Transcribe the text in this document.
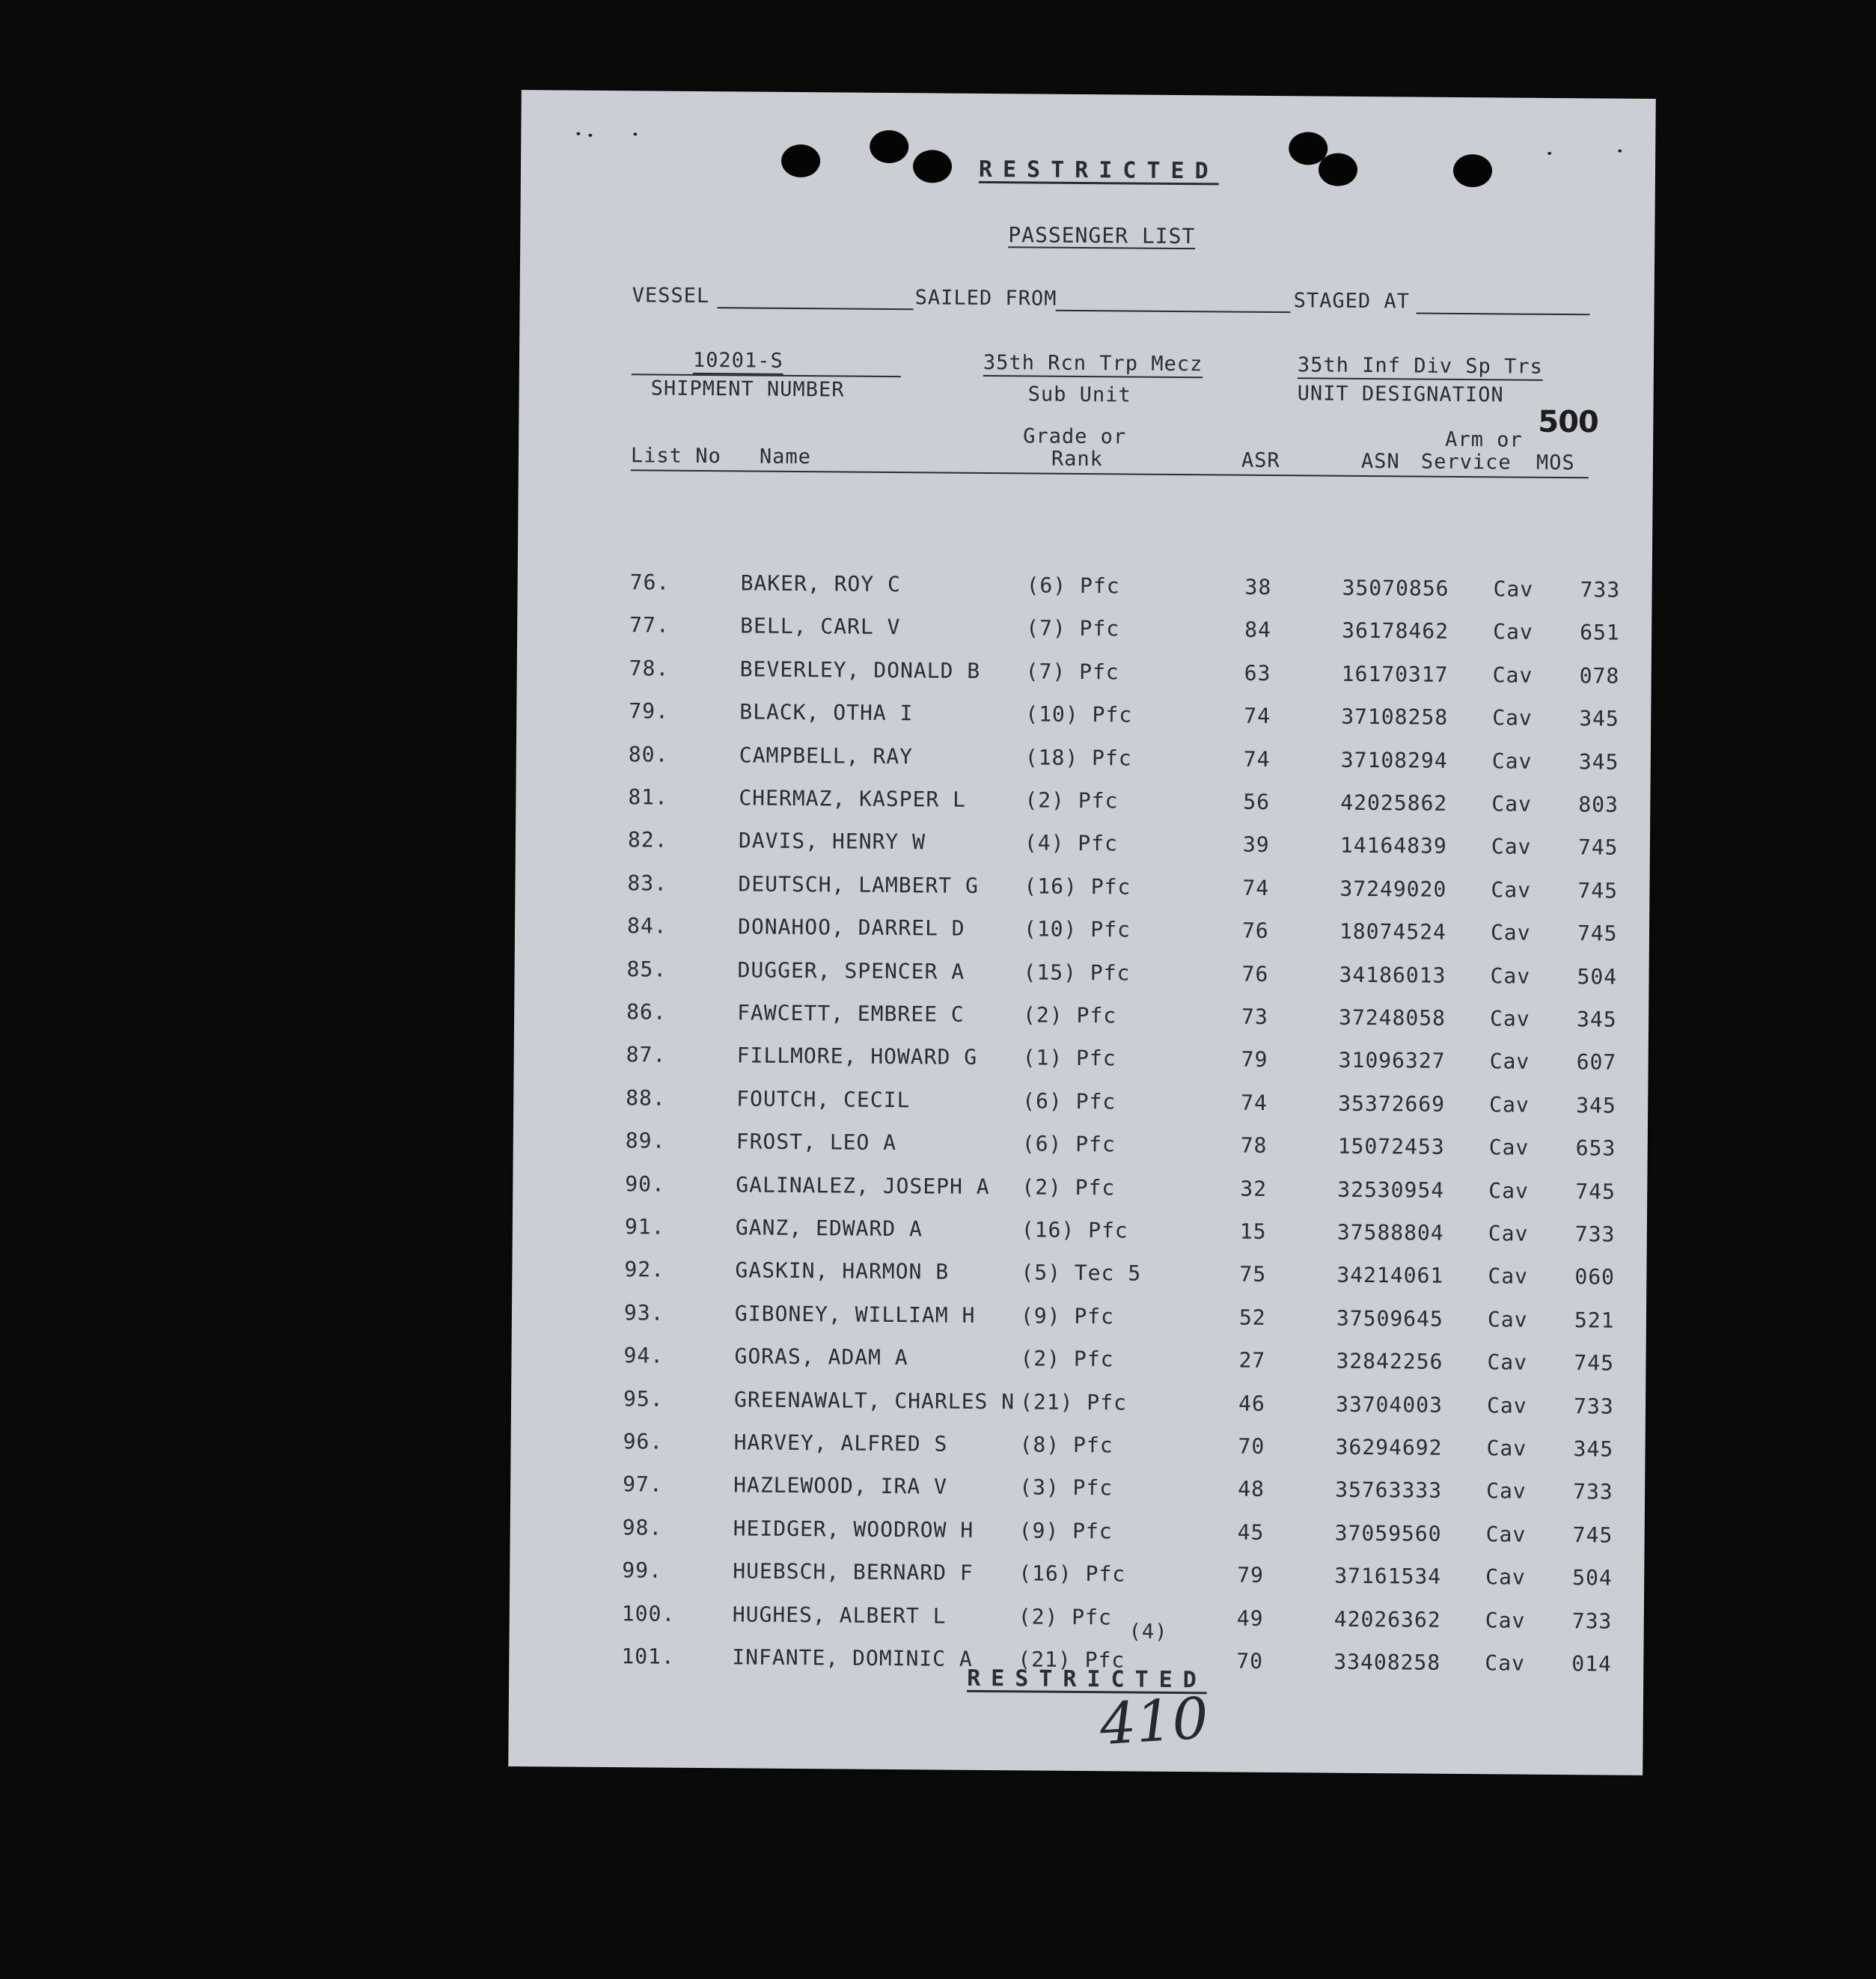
RESTRICTED
PASSENGER LIST
VESSEL	SAILED FROM	STAGED AT
10201-S
SHIPMENT NUMBER
35th Rcn Trp Mecz
Sub Unit
35th Inf Div Sp Trs
UNIT DESIGNATION
500
Grade or	Arm or
List No Name	Rank	ASR	ASN Service MOS
76.	BAKER, ROY C	(6) Pfc	38	35070856 Cav 733
77.	BELL, CARL V	(7) Pfc	84	36178462 Cav 651
78.	BEVERLEY, DONALD B (7) Pfc	63	16170317 Cav 078
79.	BLACK, OTHA I	(10) Pfc	74	37108258 Cav 345
80.	CAMPBELL, RAY	(18) Pfc	74	37108294 Cav 345
81.	CHERMAZ, KASPER L	(2) Pfc	56	42025862 Cav 803
82.	DAVIS, HENRY W	(4) Pfc	39	14164839 Cav 745
83.	DEUTSCH, LAMBERT G (16) Pfc	74	37249020 Cav 745
84.	DONAHOO, DARREL D	(10) Pfc	76	18074524 Cav 745
85.	DUGGER, SPENCER A	(15) Pfc	76	34186013 Cav 504
86.	FAWCETT, EMBREE C	(2) Pfc	73	37248058 Cav 345
87.	FILLMORE, HOWARD G (1) Pfc	79	31096327 Cav 607
88.	FOUTCH, CECIL	(6) Pfc	74	35372669 Cav 345
89.	FROST, LEO A	(6) Pfc	78	15072453 Cav 653
90.	GALINALEZ, JOSEPH A (2) Pfc	32	32530954 Cav 745
91.	GANZ, EDWARD A	(16) Pfc	15	37588804 Cav 733
92.	GASKIN, HARMON B	(5) Tec 5	75	34214061 Cav 060
93.	GIBONEY, WILLIAM H (9) Pfc	52	37509645 Cav 521
94.	GORAS, ADAM A	(2) Pfc	27	32842256 Cav 745
95.	GREENAWALT, CHARLES N (21) Pfc	46	33704003 Cav 733
96.	HARVEY, ALFRED S	(8) Pfc	70	36294692 Cav 345
97.	HAZLEWOOD, IRA V	(3) Pfc	48	35763333 Cav 733
98.	HEIDGER, WOODROW H (9) Pfc	45	37059560 Cav 745
99.	HUEBSCH, BERNARD F (16) Pfc	79	37161534 Cav 504
100.	HUGHES, ALBERT L	(2) Pfc	49	42026362 Cav 733
101.	INFANTE, DOMINIC A (21) Pfc	70	33408258 Cav 014
(4)
RESTRICTED
410
